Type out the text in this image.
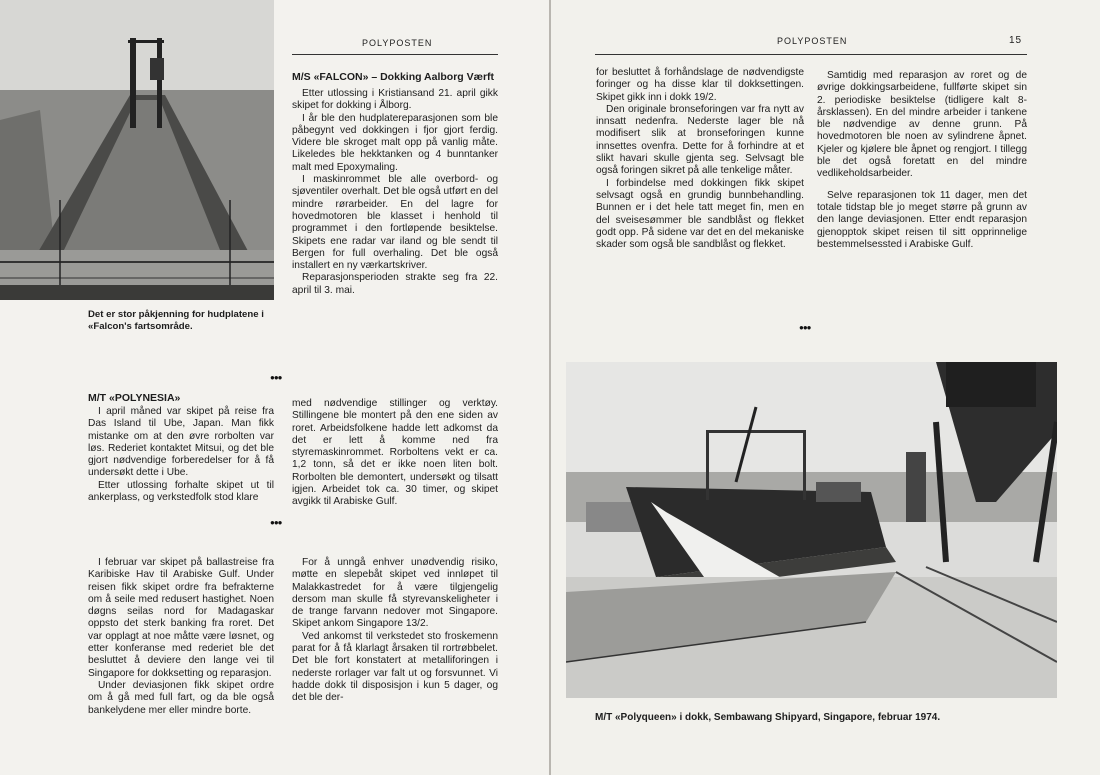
POLYPOSTEN
M/S «FALCON» – Dokking Aalborg Værft

Etter utlossing i Kristiansand 21. april gikk skipet for dokking i Ålborg.

I år ble den hudplatereparasjonen som ble påbegynt ved dokkingen i fjor gjort ferdig. Videre ble skroget malt opp på vanlig måte. Likeledes ble hekktanken og 4 bunntanker malt med Epoxymaling.

I maskinrommet ble alle overbord- og sjøventiler overhalt. Det ble også utført en del mindre rørarbeider. En del lagre for hovedmotoren ble klasset i henhold til programmet i den fortløpende besiktelse. Skipets ene radar var iland og ble sendt til Bergen for full overhaling. Det ble også installert en ny værkartskriver.

Reparasjonsperioden strakte seg fra 22. april til 3. mai.

Det er stor påkjenning for hudplatene i «Falcon's fartsområde.
●●●
M/T «POLYNESIA»

I april måned var skipet på reise fra Das Island til Ube, Japan. Man fikk mistanke om at den øvre rorbolten var løs. Rederiet kontaktet Mitsui, og det ble gjort nødvendige forberedelser for å få undersøkt dette i Ube.

Etter utlossing forhalte skipet ut til ankerplass, og verkstedfolk stod klare

med nødvendige stillinger og verktøy. Stillingene ble montert på den ene siden av roret. Arbeidsfolkene hadde lett adkomst da det er lett å komme ned fra styremaskinrommet. Rorboltens vekt er ca. 1,2 tonn, så det er ikke noen liten bolt. Rorbolten ble demontert, undersøkt og tilsatt igjen. Arbeidet tok ca. 30 timer, og skipet avgikk til Arabiske Gulf.

●●●

I februar var skipet på ballastreise fra Karibiske Hav til Arabiske Gulf. Under reisen fikk skipet ordre fra befrakterne om å seile med redusert hastighet. Noen døgns seilas nord for Madagaskar oppsto det sterk banking fra roret. Det var opplagt at noe måtte være løsnet, og etter konferanse med rederiet ble det besluttet å deviere den lange vei til Singapore for dokksetting og reparasjon.

Under deviasjonen fikk skipet ordre om å gå med full fart, og da ble også bankelydene mer eller mindre borte.

For å unngå enhver unødvendig risiko, møtte en slepebåt skipet ved innløpet til Malakkastredet for å være tilgjengelig dersom man skulle få styrevanskeligheter i de trange farvann nedover mot Singapore. Skipet ankom Singapore 13/2.

Ved ankomst til verkstedet sto froskemenn parat for å få klarlagt årsaken til rortrøbbelet. Det ble fort konstatert at metalliforingen i nederste rorlager var falt ut og forsvunnet. Vi hadde dokk til disposisjon i kun 5 dager, og det ble der-

POLYPOSTEN	15

for besluttet å forhåndslage de nødvendigste foringer og ha disse klar til dokksettingen. Skipet gikk inn i dokk 19/2.

Den originale bronseforingen var fra nytt av innsatt nedenfra. Nederste lager ble nå modifisert slik at bronseforingen kunne innsettes ovenfra. Dette for å forhindre at et slikt havari skulle gjenta seg. Selvsagt ble også foringen sikret på alle tenkelige måter.

I forbindelse med dokkingen fikk skipet selvsagt også en grundig bunnbehandling. Bunnen er i det hele tatt meget fin, men en del sveisesømmer ble sandblåst og flekket godt opp. På sidene var det en del mekaniske skader som også ble sandblåst og flekket.

Samtidig med reparasjon av roret og de øvrige dokkingsarbeidene, fullførte skipet sin 2. periodiske besiktelse (tidligere kalt 8-årsklassen). En del mindre arbeider i tankene ble nødvendige av denne grunn. På hovedmotoren ble noen av sylindrene åpnet. Kjeler og kjølere ble åpnet og rengjort. I tillegg ble det også foretatt en del mindre vedlikeholdsarbeider.

Selve reparasjonen tok 11 dager, men det totale tidstap ble jo meget større på grunn av den lange deviasjonen. Etter endt reparasjon gjenopptok skipet reisen til sitt opprinnelige bestemmelsessted i Arabiske Gulf.

●●●
M/T «Polyqueen» i dokk, Sembawang Shipyard, Singapore, februar 1974.
